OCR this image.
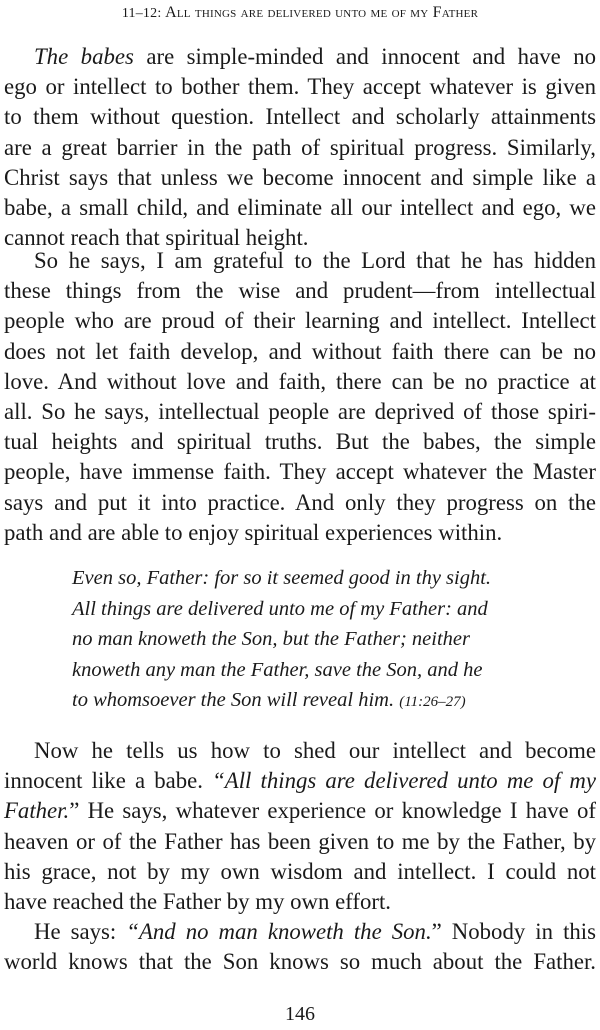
11–12: All things are delivered unto me of my Father
The babes are simple-minded and innocent and have no
ego or intellect to bother them. They accept whatever is given
to them without question. Intellect and scholarly attainments
are a great barrier in the path of spiritual progress. Similarly,
Christ says that unless we become innocent and simple like a
babe, a small child, and eliminate all our intellect and ego, we
cannot reach that spiritual height.
So he says, I am grateful to the Lord that he has hidden
these things from the wise and prudent—from intellectual
people who are proud of their learning and intellect. Intellect
does not let faith develop, and without faith there can be no
love. And without love and faith, there can be no practice at
all. So he says, intellectual people are deprived of those spiri-
tual heights and spiritual truths. But the babes, the simple
people, have immense faith. They accept whatever the Master
says and put it into practice. And only they progress on the
path and are able to enjoy spiritual experiences within.
Even so, Father: for so it seemed good in thy sight.
All things are delivered unto me of my Father: and
no man knoweth the Son, but the Father; neither
knoweth any man the Father, save the Son, and he
to whomsoever the Son will reveal him. (11:26–27)
Now he tells us how to shed our intellect and become
innocent like a babe. “All things are delivered unto me of my
Father.” He says, whatever experience or knowledge I have of
heaven or of the Father has been given to me by the Father, by
his grace, not by my own wisdom and intellect. I could not
have reached the Father by my own effort.
He says: “And no man knoweth the Son.” Nobody in this
world knows that the Son knows so much about the Father.
146
